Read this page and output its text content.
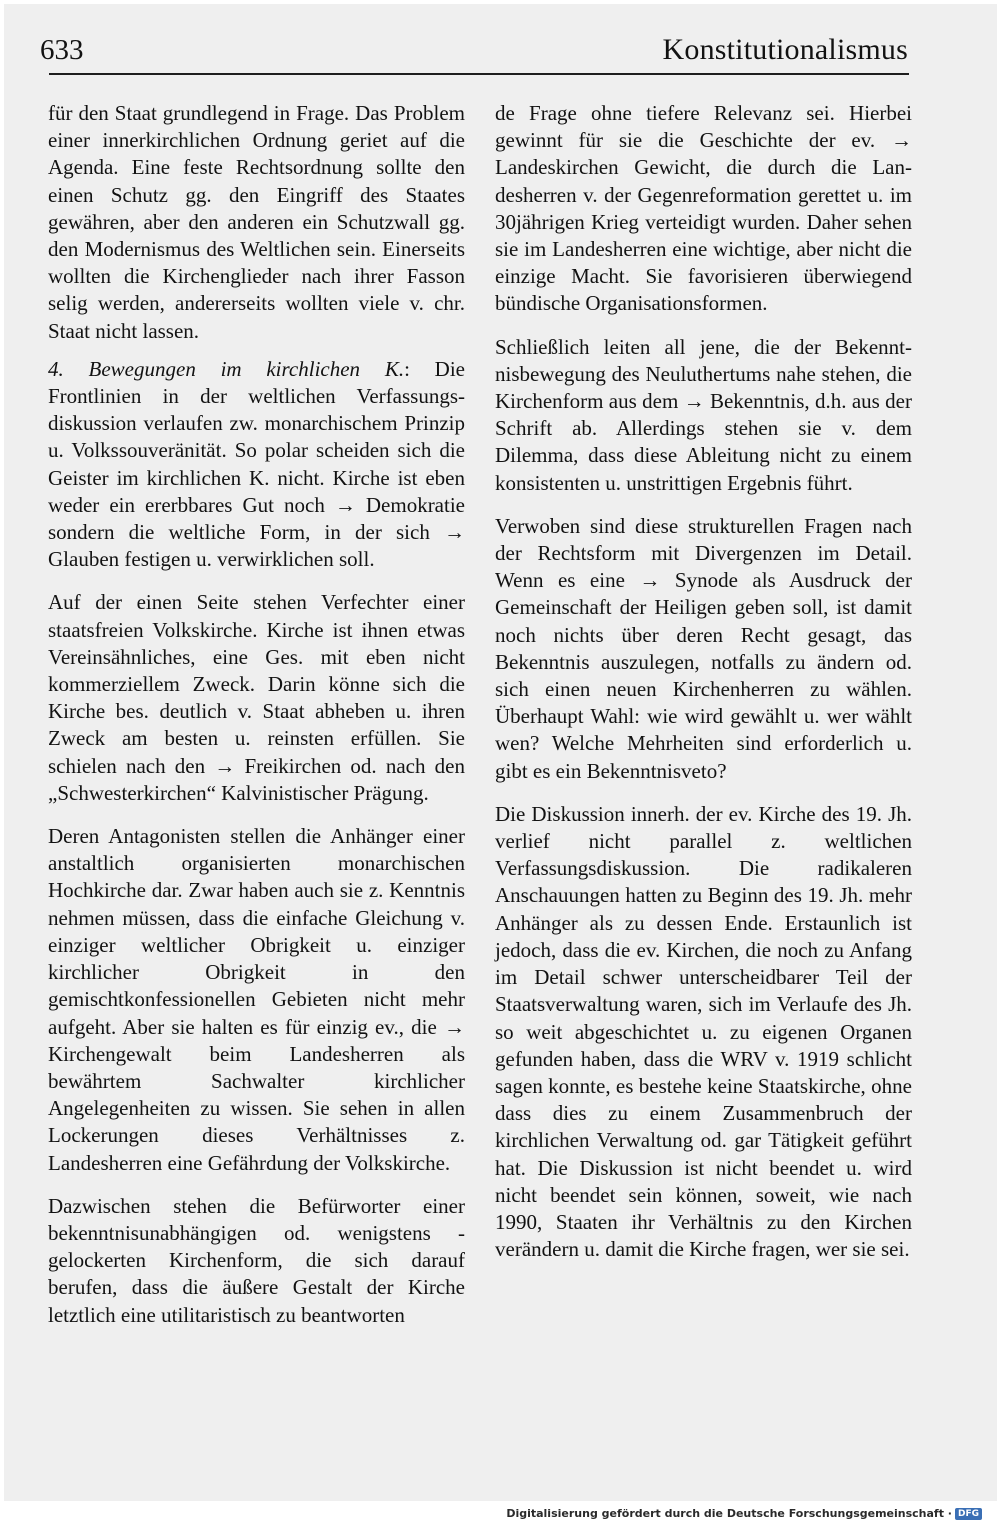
633	Konstitutionalismus

für den Staat grundlegend in Frage. Das Problem einer innerkirchlichen Ordnung geriet auf die Agenda. Eine feste Rechtsordnung sollte den einen Schutz gg. den Eingriff des Staates gewähren, aber den anderen ein Schutzwall gg. den Modernismus des Weltlichen sein. Einerseits wollten die Kirchenglieder nach ihrer Fasson selig werden, andererseits wollten viele v. chr. Staat nicht lassen.

4. Bewegungen im kirchlichen K.: Die Frontlinien in der weltlichen Verfassungsdiskussion verlaufen zw. monarchischem Prinzip u. Volkssouveränität. So polar scheiden sich die Geister im kirchlichen K. nicht. Kirche ist eben weder ein ererbbares Gut noch → Demokratie sondern die weltliche Form, in der sich → Glauben festigen u. verwirklichen soll.

Auf der einen Seite stehen Verfechter einer staatsfreien Volkskirche. Kirche ist ihnen etwas Vereinsähnliches, eine Ges. mit eben nicht kommerziellem Zweck. Darin könne sich die Kirche bes. deutlich v. Staat abheben u. ihren Zweck am besten u. reinsten erfüllen. Sie schielen nach den → Freikirchen od. nach den „Schwesterkirchen“ Kalvinistischer Prägung.

Deren Antagonisten stellen die Anhänger einer anstaltlich organisierten monarchischen Hochkirche dar. Zwar haben auch sie z. Kenntnis nehmen müssen, dass die einfache Gleichung v. einziger weltlicher Obrigkeit u. einziger kirchlicher Obrigkeit in den gemischtkonfessionellen Gebieten nicht mehr aufgeht. Aber sie halten es für einzig ev., die → Kirchengewalt beim Landesherren als bewährtem Sachwalter kirchlicher Angelegenheiten zu wissen. Sie sehen in allen Lockerungen dieses Verhältnisses z. Landesherren eine Gefährdung der Volkskirche.

Dazwischen stehen die Befürworter einer bekenntnisunabhängigen od. wenigstens -gelockerten Kirchenform, die sich darauf berufen, dass die äußere Gestalt der Kirche letztlich eine utilitaristisch zu beantworten

de Frage ohne tiefere Relevanz sei. Hierbei gewinnt für sie die Geschichte der ev. → Landeskirchen Gewicht, die durch die Landesherren v. der Gegenreformation gerettet u. im 30jährigen Krieg verteidigt wurden. Daher sehen sie im Landesherren eine wichtige, aber nicht die einzige Macht. Sie favorisieren überwiegend bündische Organisationsformen.

Schließlich leiten all jene, die der Bekenntnisbewegung des Neuluthertums nahe stehen, die Kirchenform aus dem → Bekenntnis, d.h. aus der Schrift ab. Allerdings stehen sie v. dem Dilemma, dass diese Ableitung nicht zu einem konsistenten u. unstrittigen Ergebnis führt.

Verwoben sind diese strukturellen Fragen nach der Rechtsform mit Divergenzen im Detail. Wenn es eine → Synode als Ausdruck der Gemeinschaft der Heiligen geben soll, ist damit noch nichts über deren Recht gesagt, das Bekenntnis auszulegen, notfalls zu ändern od. sich einen neuen Kirchenherren zu wählen. Überhaupt Wahl: wie wird gewählt u. wer wählt wen? Welche Mehrheiten sind erforderlich u. gibt es ein Bekenntnisveto?

Die Diskussion innerh. der ev. Kirche des 19. Jh. verlief nicht parallel z. weltlichen Verfassungsdiskussion. Die radikaleren Anschauungen hatten zu Beginn des 19. Jh. mehr Anhänger als zu dessen Ende. Erstaunlich ist jedoch, dass die ev. Kirchen, die noch zu Anfang im Detail schwer unterscheidbarer Teil der Staatsverwaltung waren, sich im Verlaufe des Jh. so weit abgeschichtet u. zu eigenen Organen gefunden haben, dass die WRV v. 1919 schlicht sagen konnte, es bestehe keine Staatskirche, ohne dass dies zu einem Zusammenbruch der kirchlichen Verwaltung od. gar Tätigkeit geführt hat. Die Diskussion ist nicht beendet u. wird nicht beendet sein können, soweit, wie nach 1990, Staaten ihr Verhältnis zu den Kirchen verändern u. damit die Kirche fragen, wer sie sei.

Digitalisierung gefördert durch die Deutsche Forschungsgemeinschaft · DFG
